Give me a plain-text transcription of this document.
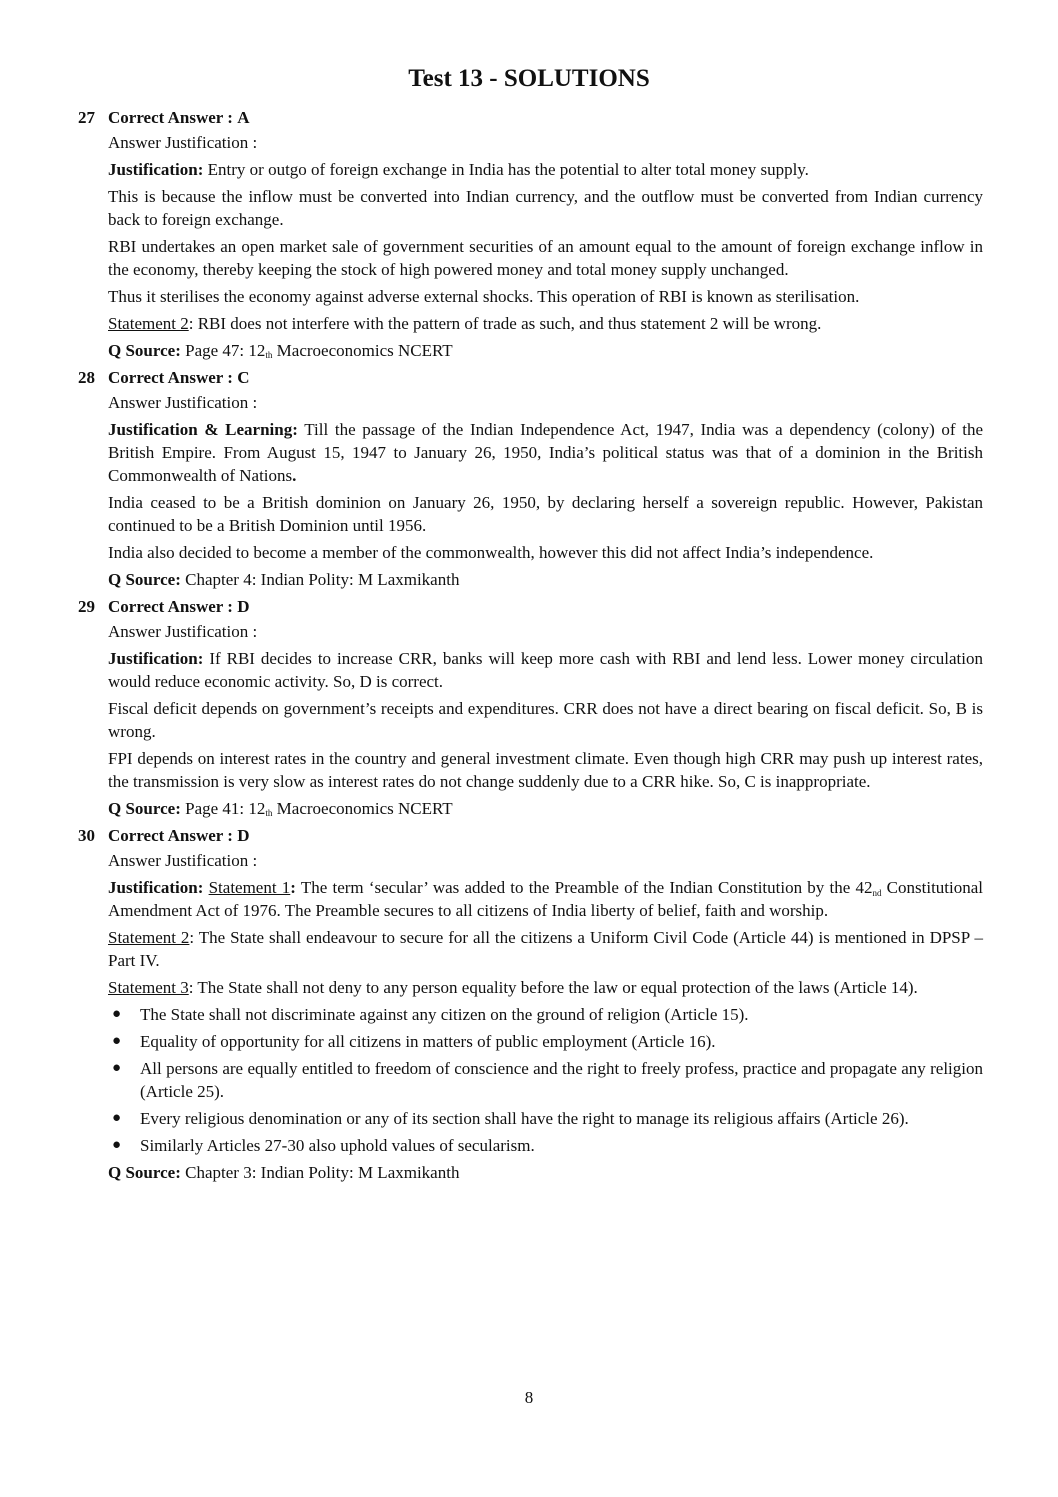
Test 13 - SOLUTIONS
27 Correct Answer : A
Answer Justification :

Justification: Entry or outgo of foreign exchange in India has the potential to alter total money supply.

This is because the inflow must be converted into Indian currency, and the outflow must be converted from Indian currency back to foreign exchange.

RBI undertakes an open market sale of government securities of an amount equal to the amount of foreign exchange inflow in the economy, thereby keeping the stock of high powered money and total money supply unchanged.

Thus it sterilises the economy against adverse external shocks. This operation of RBI is known as sterilisation.

Statement 2: RBI does not interfere with the pattern of trade as such, and thus statement 2 will be wrong.

Q Source: Page 47: $12_{th}$ Macroeconomics NCERT

28 Correct Answer : C
Answer Justification :

Justification & Learning: Till the passage of the Indian Independence Act, 1947, India was a dependency (colony) of the British Empire. From August 15, 1947 to January 26, 1950, India’s political status was that of a dominion in the British Commonwealth of Nations.

India ceased to be a British dominion on January 26, 1950, by declaring herself a sovereign republic. However, Pakistan continued to be a British Dominion until 1956.

India also decided to become a member of the commonwealth, however this did not affect India’s independence.

Q Source: Chapter 4: Indian Polity: M Laxmikanth

29 Correct Answer : D
Answer Justification :

Justification: If RBI decides to increase CRR, banks will keep more cash with RBI and lend less. Lower money circulation would reduce economic activity. So, D is correct.

Fiscal deficit depends on government’s receipts and expenditures. CRR does not have a direct bearing on fiscal deficit. So, B is wrong.

FPI depends on interest rates in the country and general investment climate. Even though high CRR may push up interest rates, the transmission is very slow as interest rates do not change suddenly due to a CRR hike. So, C is inappropriate.

Q Source: Page 41: $12_{th}$ Macroeconomics NCERT

30 Correct Answer : D
Answer Justification :

Justification: Statement 1: The term ‘secular’ was added to the Preamble of the Indian Constitution by the $42_{nd}$ Constitutional Amendment Act of 1976. The Preamble secures to all citizens of India liberty of belief, faith and worship.

Statement 2: The State shall endeavour to secure for all the citizens a Uniform Civil Code (Article 44) is mentioned in DPSP – Part IV.

Statement 3: The State shall not deny to any person equality before the law or equal protection of the laws (Article 14).

● The State shall not discriminate against any citizen on the ground of religion (Article 15).
● Equality of opportunity for all citizens in matters of public employment (Article 16).
● All persons are equally entitled to freedom of conscience and the right to freely profess, practice and propagate any religion (Article 25).
● Every religious denomination or any of its section shall have the right to manage its religious affairs (Article 26).
● Similarly Articles 27-30 also uphold values of secularism.

Q Source: Chapter 3: Indian Polity: M Laxmikanth

8
